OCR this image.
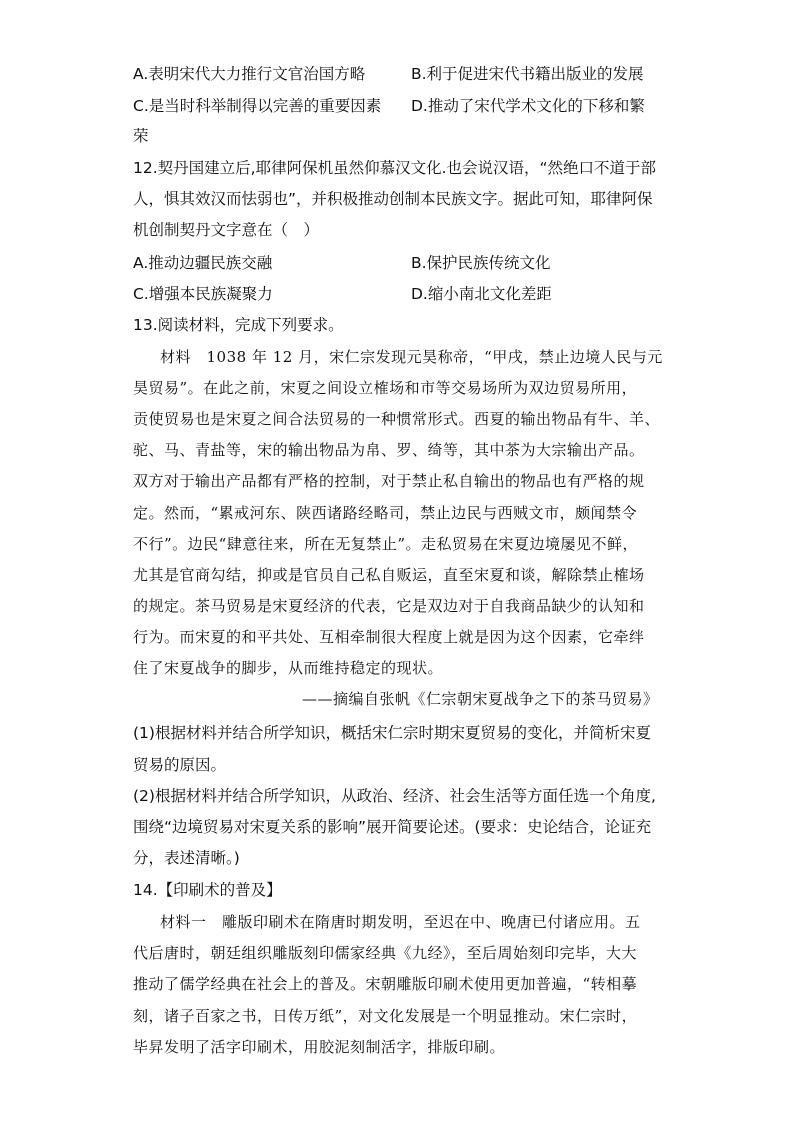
A.表明宋代大力推行文官治国方略	B.利于促进宋代书籍出版业的发展
C.是当时科举制得以完善的重要因素 D.推动了宋代学术文化的下移和繁
荣
12.契丹国建立后,耶律阿保机虽然仰慕汉文化.也会说汉语，“然绝口不道于部
人，惧其效汉而怯弱也”，并积极推动创制本民族文字。据此可知，耶律阿保
机创制契丹文字意在（　）
A.推动边疆民族交融	B.保护民族传统文化
C.增强本民族凝聚力	D.缩小南北文化差距
13.阅读材料，完成下列要求。
材料　1038 年 12 月，宋仁宗发现元昊称帝，“甲戌，禁止边境人民与元
昊贸易”。在此之前，宋夏之间设立榷场和市等交易场所为双边贸易所用，
贡使贸易也是宋夏之间合法贸易的一种惯常形式。西夏的输出物品有牛、羊、
驼、马、青盐等，宋的输出物品为帛、罗、绮等，其中茶为大宗输出产品。
双方对于输出产品都有严格的控制，对于禁止私自输出的物品也有严格的规
定。然而，“累戒河东、陕西诸路经略司，禁止边民与西贼文市，颇闻禁令
不行”。边民“肆意往来，所在无复禁止”。走私贸易在宋夏边境屡见不鲜，
尤其是官商勾结，抑或是官员自己私自贩运，直至宋夏和谈，解除禁止榷场
的规定。茶马贸易是宋夏经济的代表，它是双边对于自我商品缺少的认知和
行为。而宋夏的和平共处、互相牵制很大程度上就是因为这个因素，它牵绊
住了宋夏战争的脚步，从而维持稳定的现状。
——摘编自张帆《仁宗朝宋夏战争之下的茶马贸易》
(1)根据材料并结合所学知识，概括宋仁宗时期宋夏贸易的变化，并简析宋夏
贸易的原因。
(2)根据材料并结合所学知识，从政治、经济、社会生活等方面任选一个角度,
围绕“边境贸易对宋夏关系的影响”展开简要论述。(要求：史论结合，论证充
分，表述清晰。)
14.【印刷术的普及】
材料一　雕版印刷术在隋唐时期发明，至迟在中、晚唐已付诸应用。五
代后唐时，朝廷组织雕版刻印儒家经典《九经》，至后周始刻印完毕，大大
推动了儒学经典在社会上的普及。宋朝雕版印刷术使用更加普遍，“转相摹
刻，诸子百家之书，日传万纸”，对文化发展是一个明显推动。宋仁宗时，
毕昇发明了活字印刷术，用胶泥刻制活字，排版印刷。
